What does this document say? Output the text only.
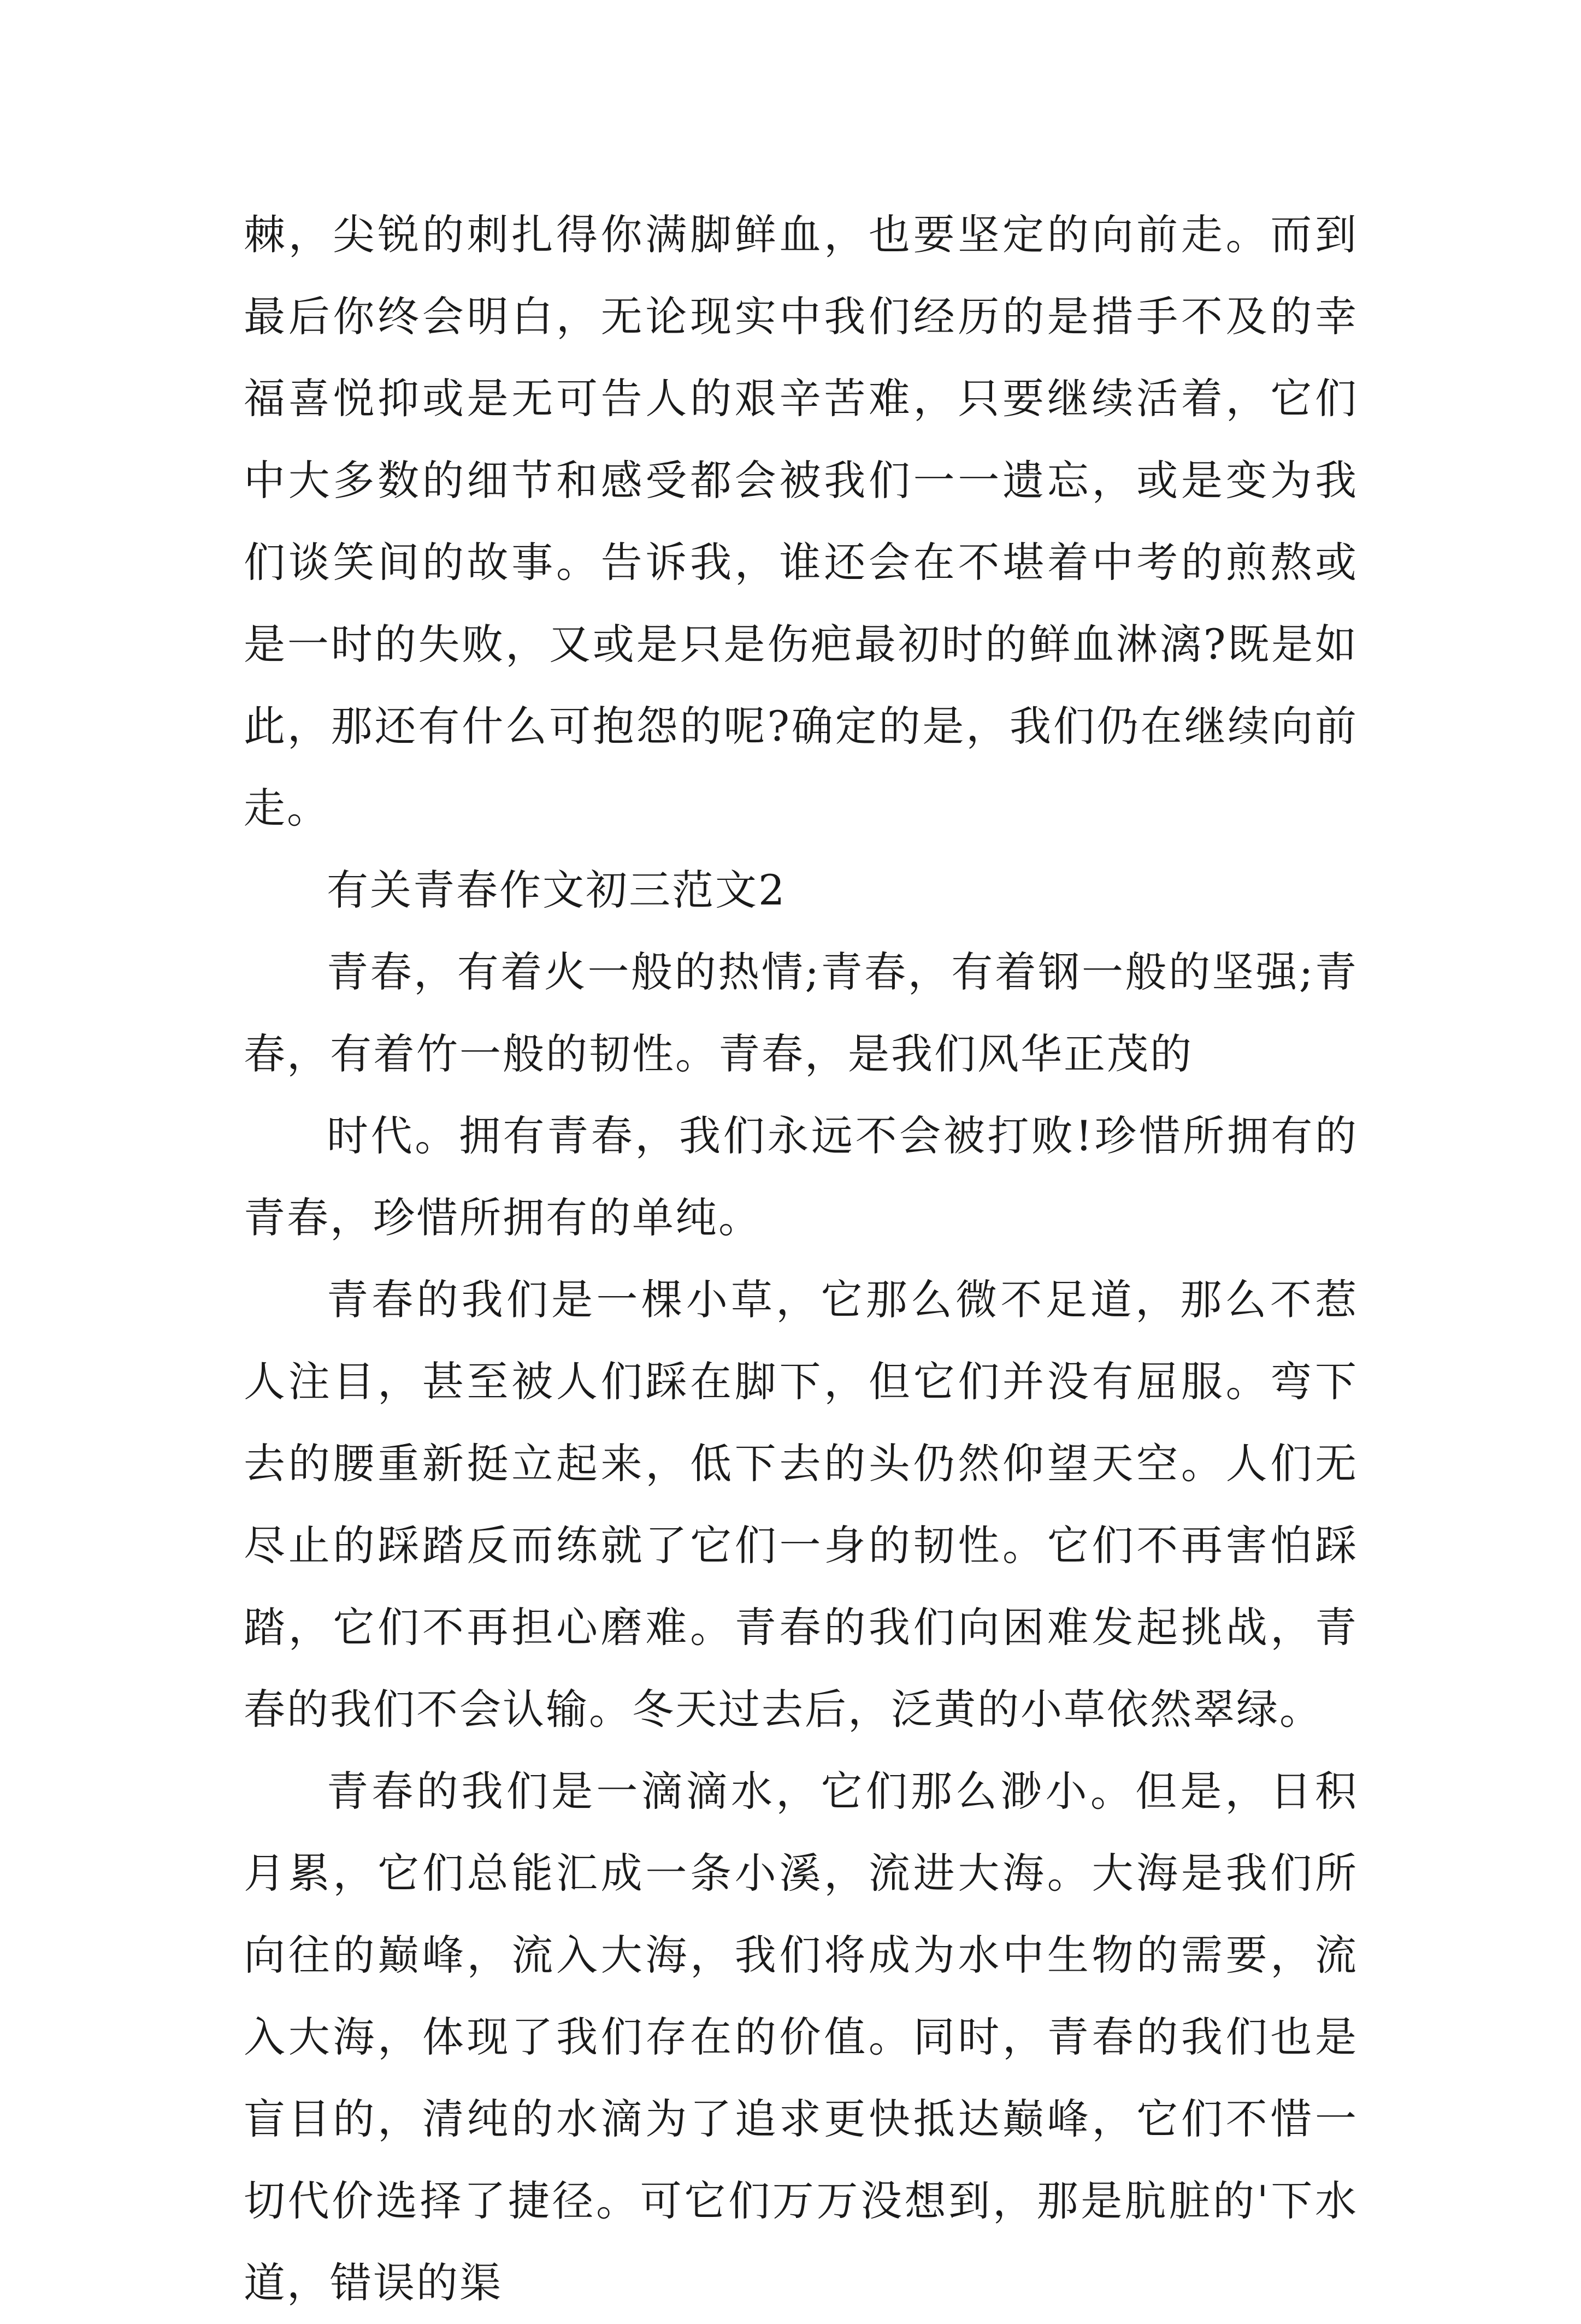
棘，尖锐的刺扎得你满脚鲜血，也要坚定的向前走。而到最后你终会明白，无论现实中我们经历的是措手不及的幸福喜悦抑或是无可告人的艰辛苦难，只要继续活着，它们中大多数的细节和感受都会被我们一一遗忘，或是变为我们谈笑间的故事。告诉我，谁还会在不堪着中考的煎熬或是一时的失败，又或是只是伤疤最初时的鲜血淋漓?既是如此，那还有什么可抱怨的呢?确定的是，我们仍在继续向前走。

有关青春作文初三范文2

青春，有着火一般的热情;青春，有着钢一般的坚强;青春，有着竹一般的韧性。青春，是我们风华正茂的

时代。拥有青春，我们永远不会被打败!珍惜所拥有的青春，珍惜所拥有的单纯。

青春的我们是一棵小草，它那么微不足道，那么不惹人注目，甚至被人们踩在脚下，但它们并没有屈服。弯下去的腰重新挺立起来，低下去的头仍然仰望天空。人们无尽止的踩踏反而练就了它们一身的韧性。它们不再害怕踩踏，它们不再担心磨难。青春的我们向困难发起挑战，青春的我们不会认输。冬天过去后，泛黄的小草依然翠绿。

青春的我们是一滴滴水，它们那么渺小。但是，日积月累，它们总能汇成一条小溪，流进大海。大海是我们所向往的巅峰，流入大海，我们将成为水中生物的需要，流入大海，体现了我们存在的价值。同时，青春的我们也是盲目的，清纯的水滴为了追求更快抵达巅峰，它们不惜一切代价选择了捷径。可它们万万没想到，那是肮脏的'下水道，错误的渠
